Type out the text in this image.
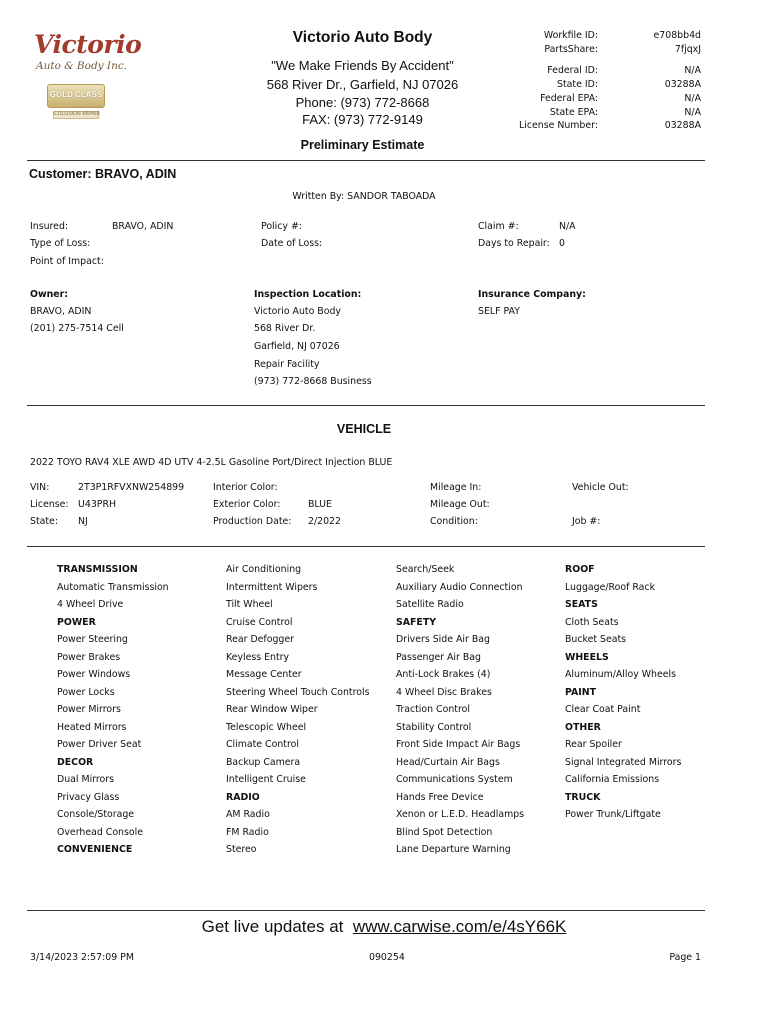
Victorio
Auto & Body Inc.
GOLD CLASS
COLLISION REPAIR
Victorio Auto Body
"We Make Friends By Accident"
568 River Dr., Garfield, NJ 07026
Phone: (973) 772-8668
FAX: (973) 772-9149
Workfile ID:	e708bb4d
PartsShare:	7fjqxJ
Federal ID:	N/A
State ID:	03288A
Federal EPA:	N/A
State EPA:	N/A
License Number:	03288A
Preliminary Estimate
Customer: BRAVO, ADIN
Written By: SANDOR TABOADA
Insured:	BRAVO, ADIN
Type of Loss:
Point of Impact:
Policy #:
Date of Loss:
Claim #:	N/A
Days to Repair: 0
Owner:
BRAVO, ADIN
(201) 275-7514 Cell
Inspection Location:
Victorio Auto Body
568 River Dr.
Garfield, NJ 07026
Repair Facility
(973) 772-8668 Business
Insurance Company:
SELF PAY
VEHICLE
2022 TOYO RAV4 XLE AWD 4D UTV 4-2.5L Gasoline Port/Direct Injection BLUE
VIN:	2T3P1RFVXNW254899
License: U43PRH
State: NJ
Interior Color:
Exterior Color:	BLUE
Production Date: 2/2022
Mileage In:
Mileage Out:
Condition:
Vehicle Out:
Job #:
TRANSMISSION
Automatic Transmission
4 Wheel Drive
POWER
Power Steering
Power Brakes
Power Windows
Power Locks
Power Mirrors
Heated Mirrors
Power Driver Seat
DECOR
Dual Mirrors
Privacy Glass
Console/Storage
Overhead Console
CONVENIENCE
Air Conditioning
Intermittent Wipers
Tilt Wheel
Cruise Control
Rear Defogger
Keyless Entry
Message Center
Steering Wheel Touch Controls
Rear Window Wiper
Telescopic Wheel
Climate Control
Backup Camera
Intelligent Cruise
RADIO
AM Radio
FM Radio
Stereo
Search/Seek
Auxiliary Audio Connection
Satellite Radio
SAFETY
Drivers Side Air Bag
Passenger Air Bag
Anti-Lock Brakes (4)
4 Wheel Disc Brakes
Traction Control
Stability Control
Front Side Impact Air Bags
Head/Curtain Air Bags
Communications System
Hands Free Device
Xenon or L.E.D. Headlamps
Blind Spot Detection
Lane Departure Warning
ROOF
Luggage/Roof Rack
SEATS
Cloth Seats
Bucket Seats
WHEELS
Aluminum/Alloy Wheels
PAINT
Clear Coat Paint
OTHER
Rear Spoiler
Signal Integrated Mirrors
California Emissions
TRUCK
Power Trunk/Liftgate
Get live updates at www.carwise.com/e/4sY66K
3/14/2023 2:57:09 PM	090254	Page 1
